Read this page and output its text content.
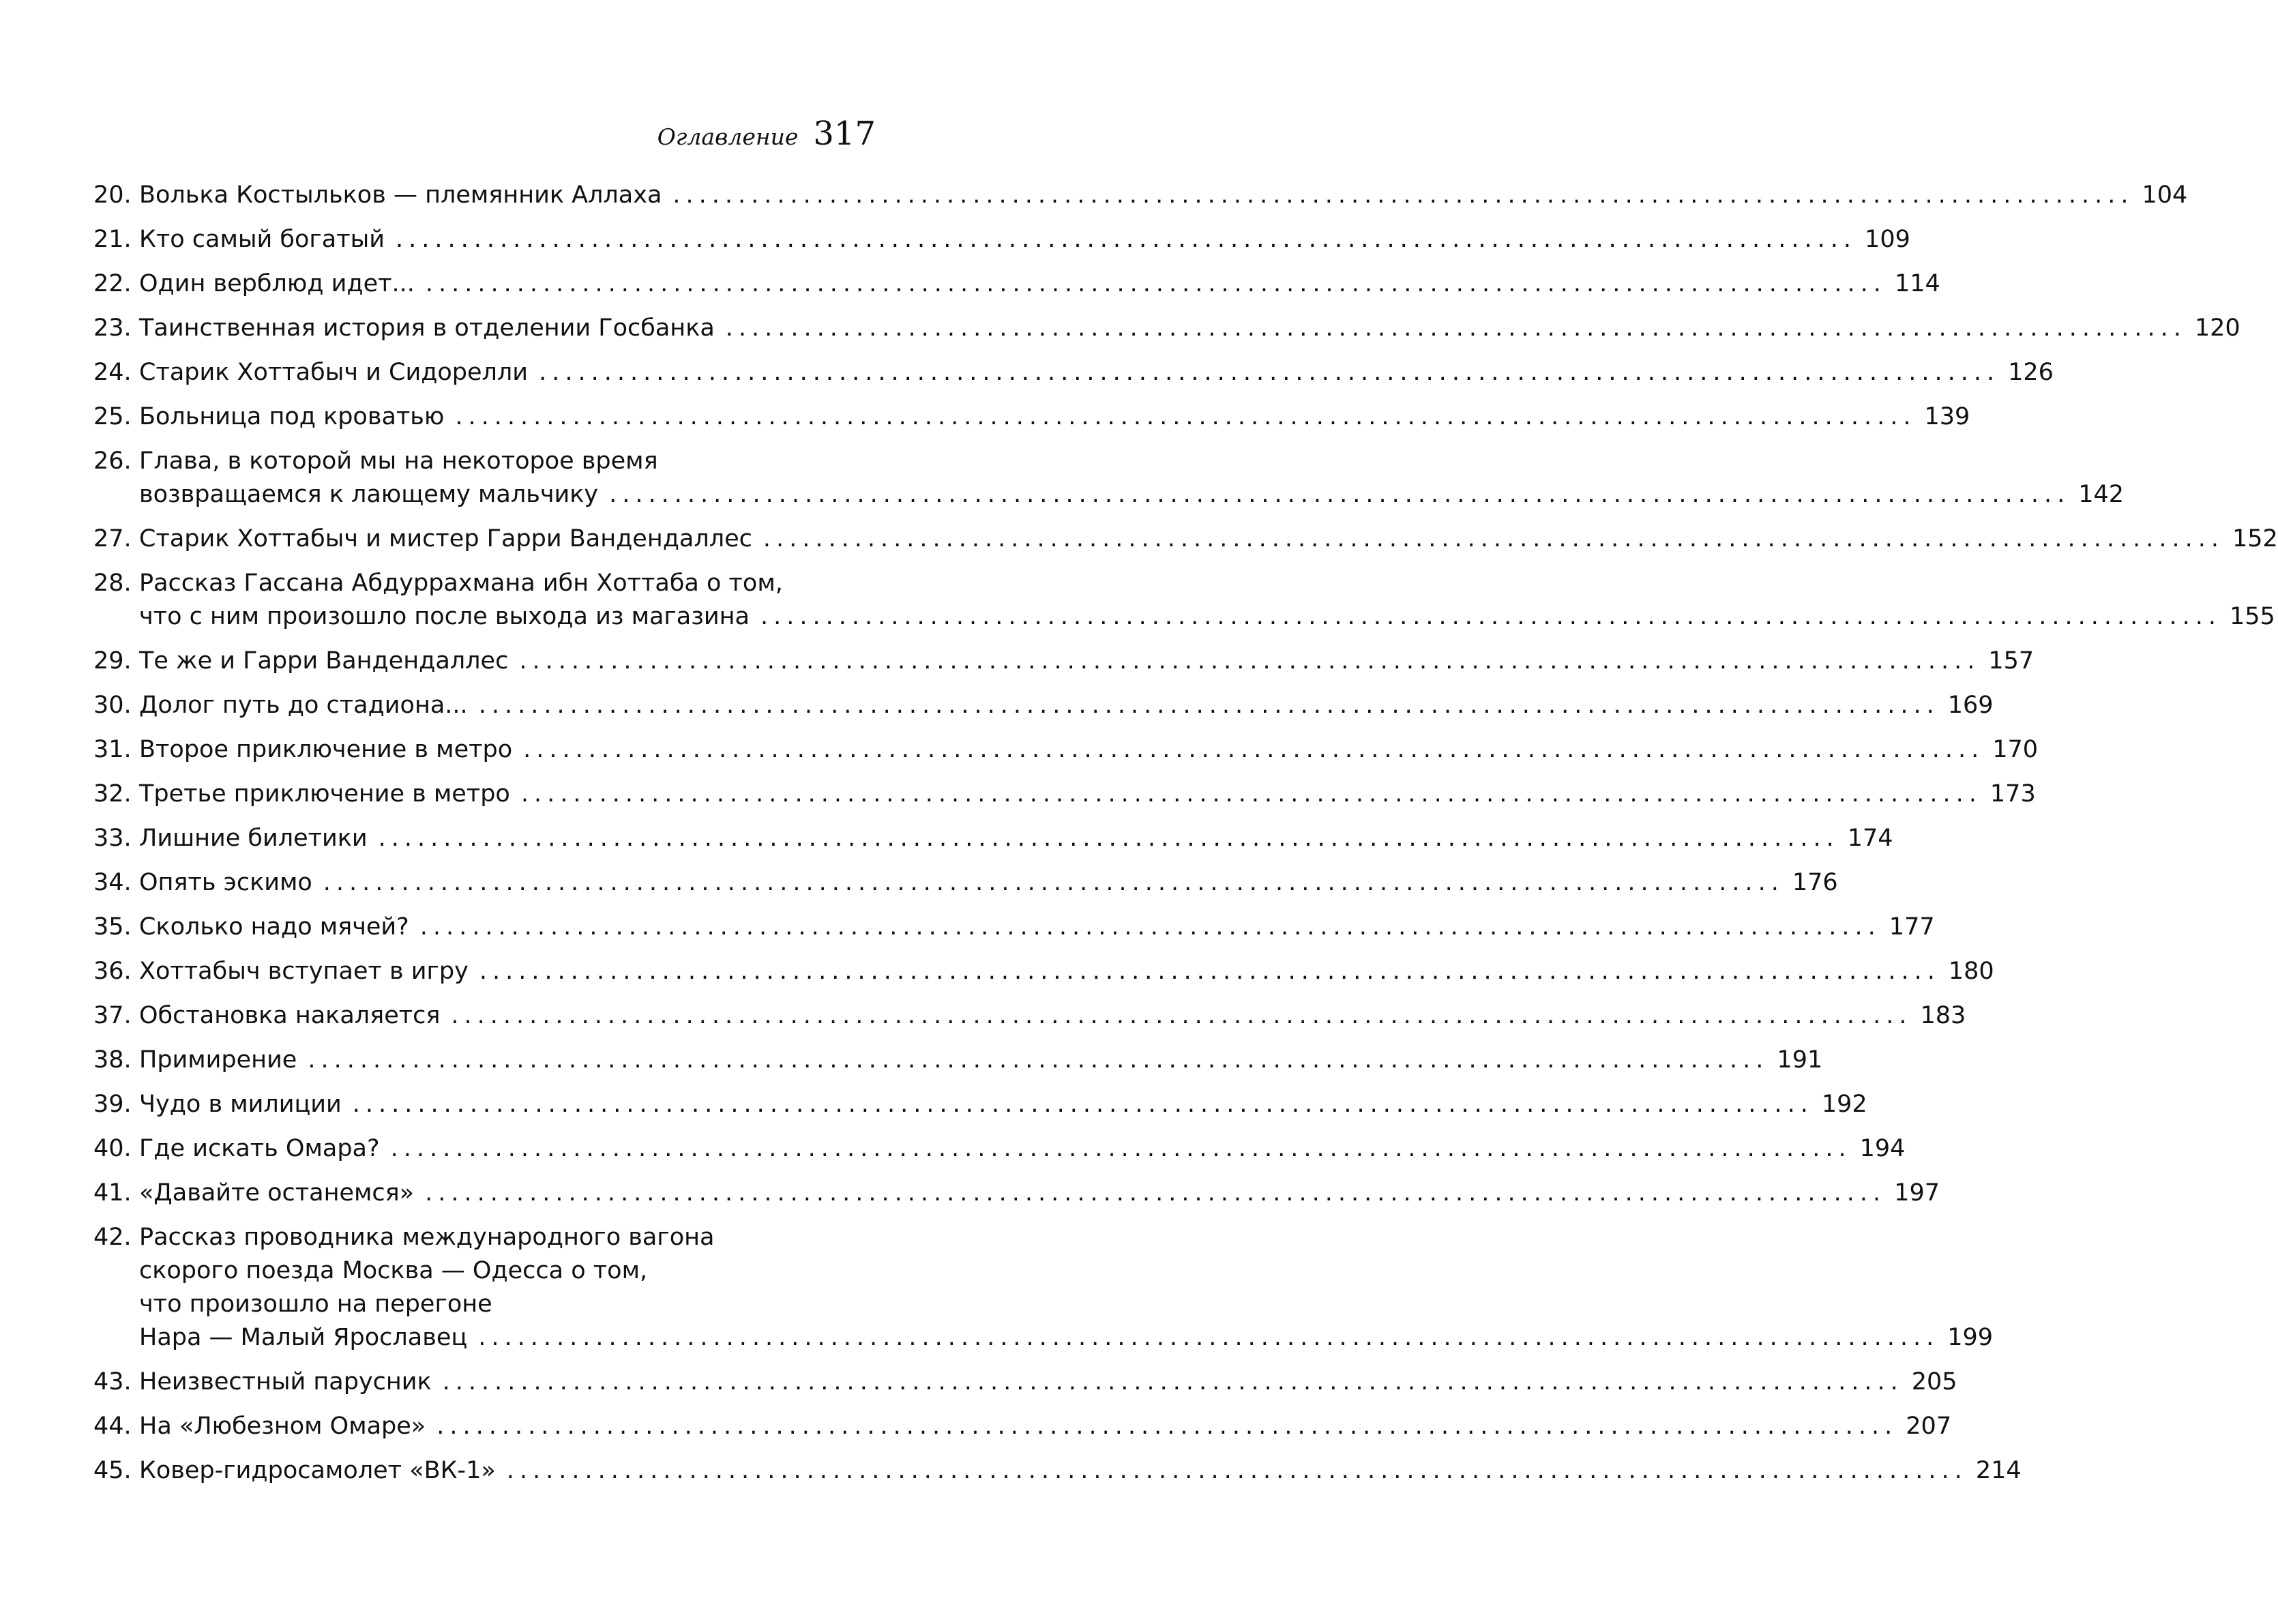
Оглавление 317
20. Волька Костыльков — племянник Аллаха ................................................................................................................ 104
21. Кто самый богатый ................................................................................................................ 109
22. Один верблюд идет... ................................................................................................................ 114
23. Таинственная история в отделении Госбанка ................................................................................................................ 120
24. Старик Хоттабыч и Сидорелли ................................................................................................................ 126
25. Больница под кроватью ................................................................................................................ 139
26. Глава, в которой мы на некоторое время
возвращаемся к лающему мальчику ................................................................................................................ 142
27. Старик Хоттабыч и мистер Гарри Вандендаллес ................................................................................................................ 152
28. Рассказ Гассана Абдуррахмана ибн Хоттаба о том,
что с ним произошло после выхода из магазина ................................................................................................................ 155
29. Те же и Гарри Вандендаллес ................................................................................................................ 157
30. Долог путь до стадиона... ................................................................................................................ 169
31. Второе приключение в метро ................................................................................................................ 170
32. Третье приключение в метро ................................................................................................................ 173
33. Лишние билетики ................................................................................................................ 174
34. Опять эскимо ................................................................................................................ 176
35. Сколько надо мячей? ................................................................................................................ 177
36. Хоттабыч вступает в игру ................................................................................................................ 180
37. Обстановка накаляется ................................................................................................................ 183
38. Примирение ................................................................................................................ 191
39. Чудо в милиции ................................................................................................................ 192
40. Где искать Омара? ................................................................................................................ 194
41. «Давайте останемся» ................................................................................................................ 197
42. Рассказ проводника международного вагона
скорого поезда Москва — Одесса о том,
что произошло на перегоне
Нара — Малый Ярославец ................................................................................................................ 199
43. Неизвестный парусник ................................................................................................................ 205
44. На «Любезном Омаре» ................................................................................................................ 207
45. Ковер-гидросамолет «ВК-1» ................................................................................................................ 214
